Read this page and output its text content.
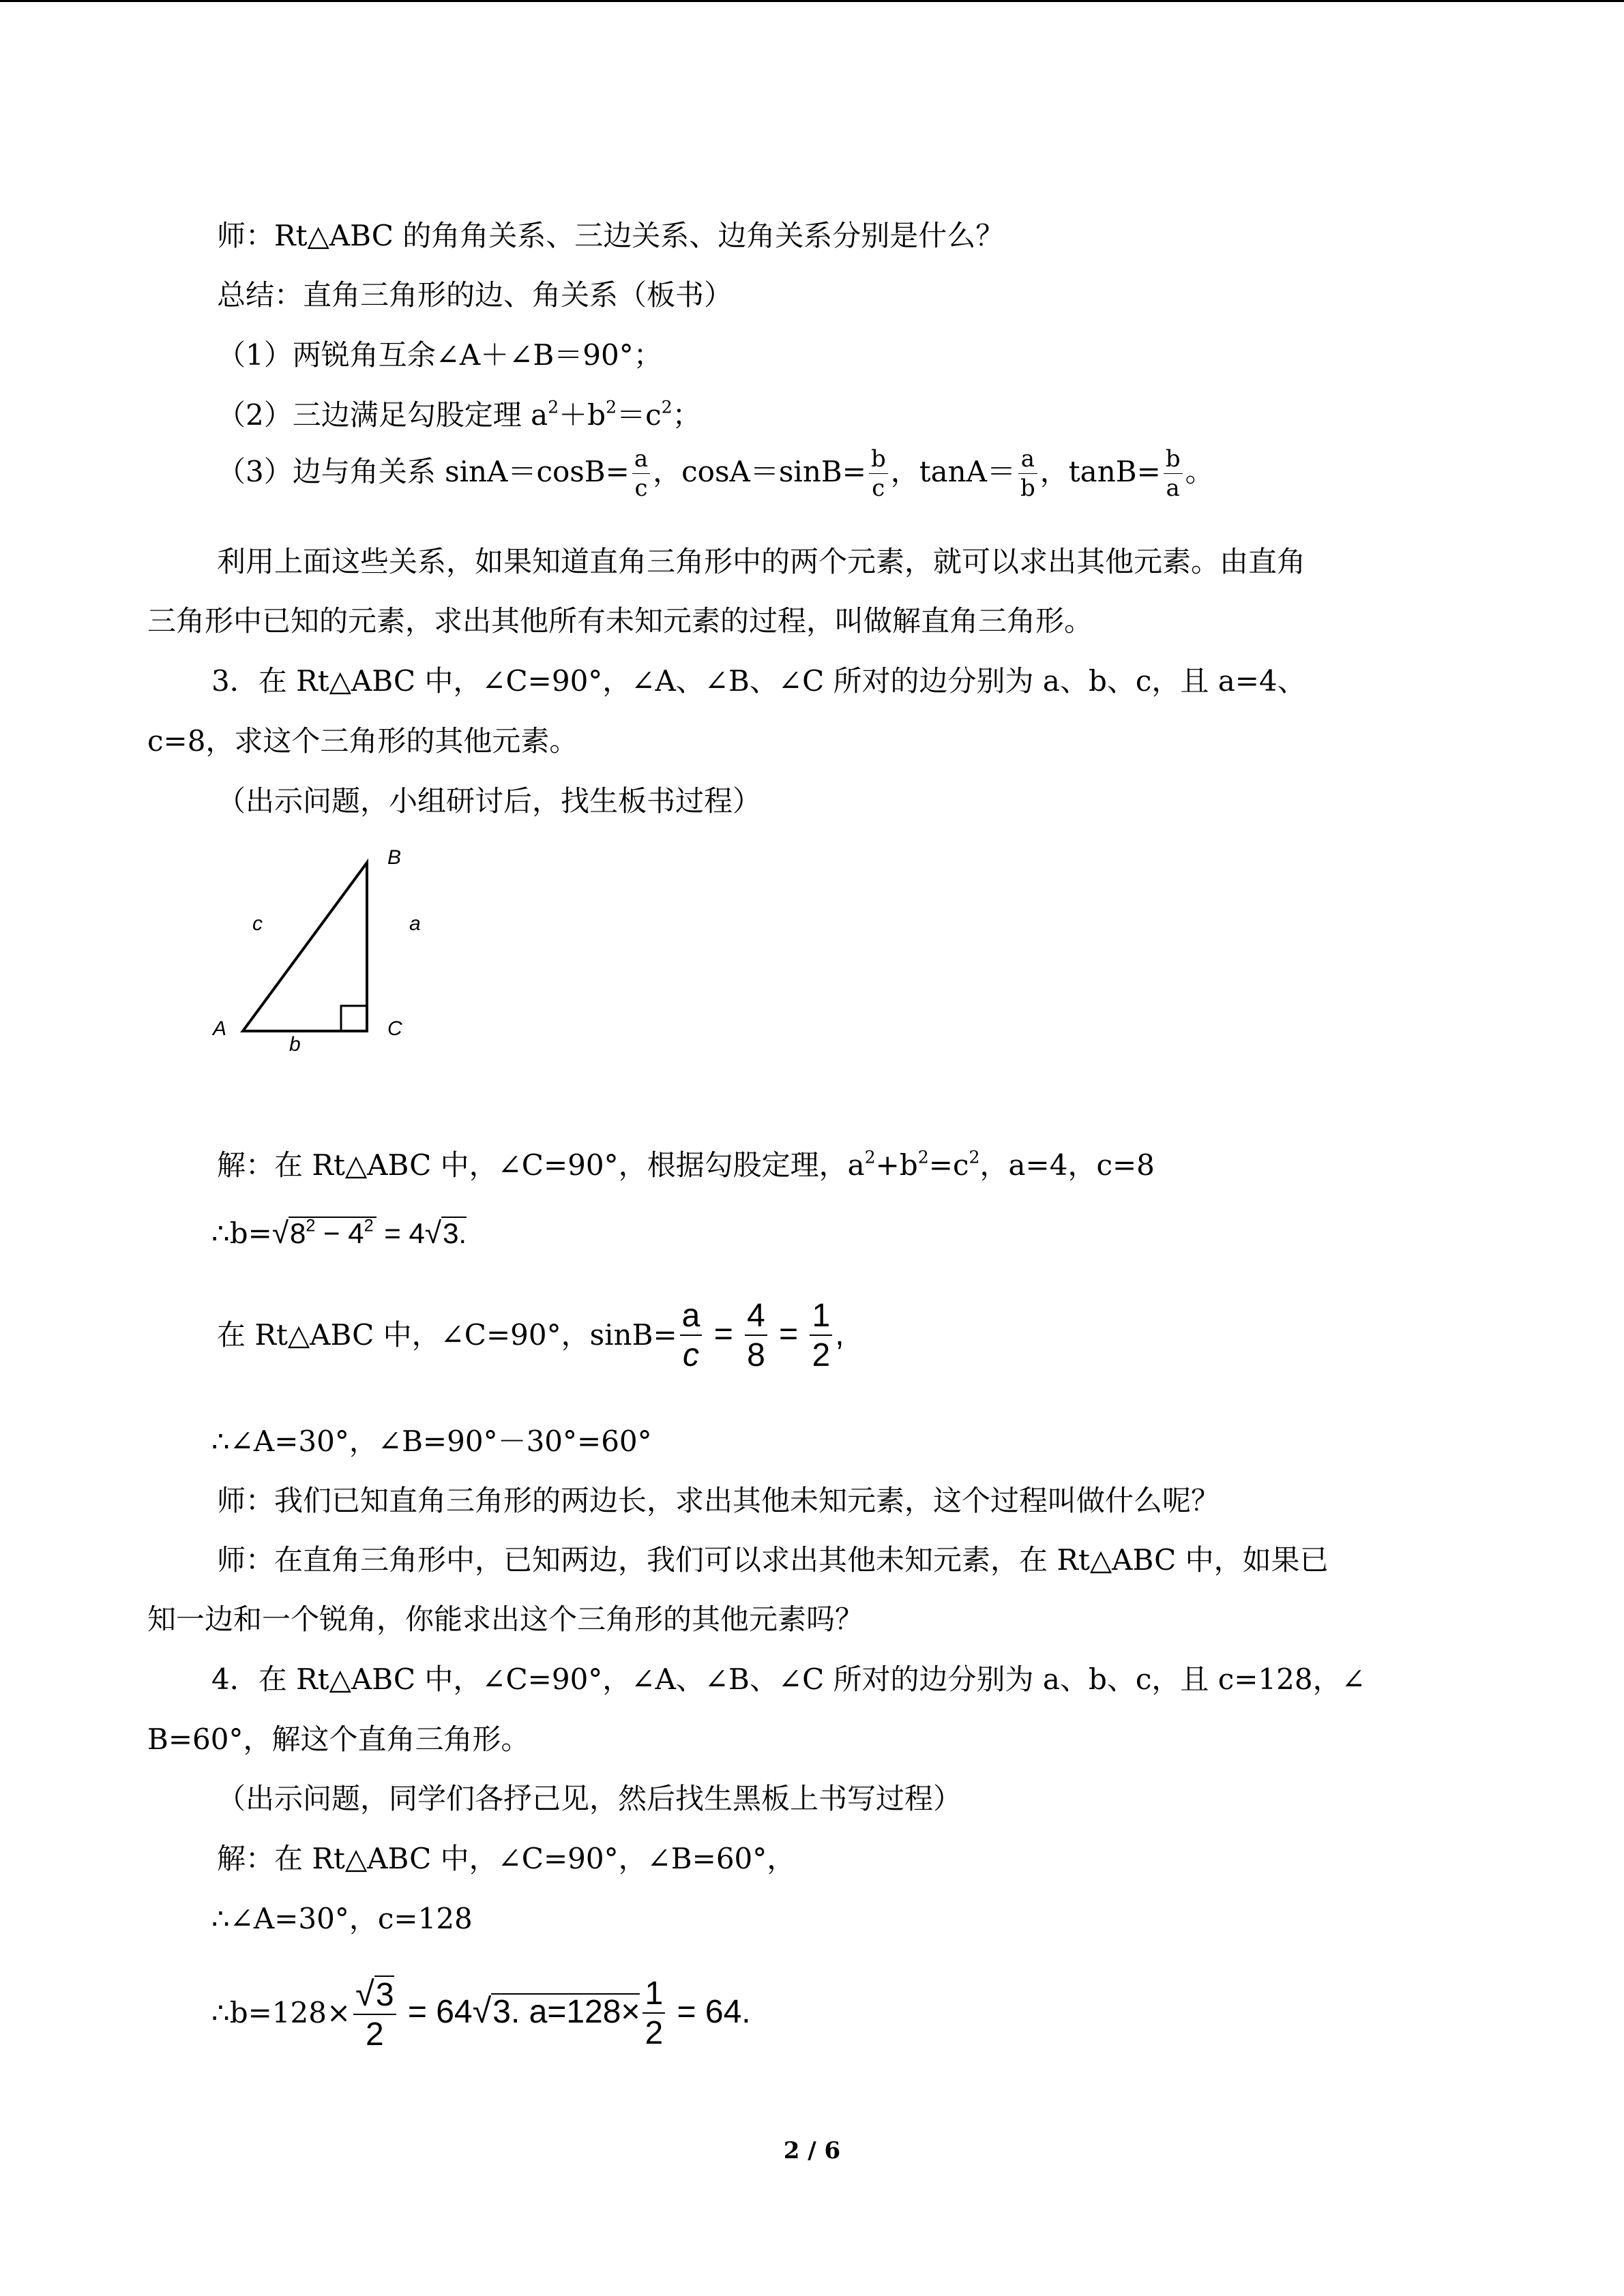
师：Rt△ABC 的角角关系、三边关系、边角关系分别是什么？
总结：直角三角形的边、角关系（板书）
（1）两锐角互余∠A＋∠B＝90°；
（2）三边满足勾股定理 $a^2+b^2=c^2$；
（3）边与角关系 $\sin A=\cos B= \frac{a}{c}$ ，$\cos A=\sin B= \frac{b}{c}$ ，$\tan A= \frac{a}{b}$ ，$\tan B= \frac{b}{a}$ 。
利用上面这些关系，如果知道直角三角形中的两个元素，就可以求出其他元素。由直角
三角形中已知的元素，求出其他所有未知元素的过程，叫做解直角三角形。
3．在 Rt△ABC 中，∠C=90°，∠A、∠B、∠C 所对的边分别为 a、b、c，且 a=4、
c=8，求这个三角形的其他元素。
（出示问题，小组研讨后，找生板书过程）
B
c	a
A	C
b
解：在 Rt△ABC 中，∠C=90°，根据勾股定理，$a^2+b^2=c^2$，a=4，c=8
$\therefore b=√8^2 - 4^2 = 4√3$.
在 Rt△ABC 中，∠C=90°，$\sin B= \frac{a}{c} = \frac{4}{8} = \frac{1}{2}$ ,
∴∠A=30°，∠B=90°－30°=60°
师：我们已知直角三角形的两边长，求出其他未知元素，这个过程叫做什么呢？
师：在直角三角形中，已知两边，我们可以求出其他未知元素，在 Rt△ABC 中，如果已
知一边和一个锐角，你能求出这个三角形的其他元素吗？
4．在 Rt△ABC 中，∠C=90°，∠A、∠B、∠C 所对的边分别为 a、b、c，且 c=128，∠
B=60°，解这个直角三角形。
（出示问题，同学们各抒己见，然后找生黑板上书写过程）
解：在 Rt△ABC 中，∠C=90°，∠B=60°，
∴∠A=30°，c=128
∴b=128× $\frac{√3}{2} = 64√3$. $a=128\times \frac{1}{2} = 64$.
2 / 6
